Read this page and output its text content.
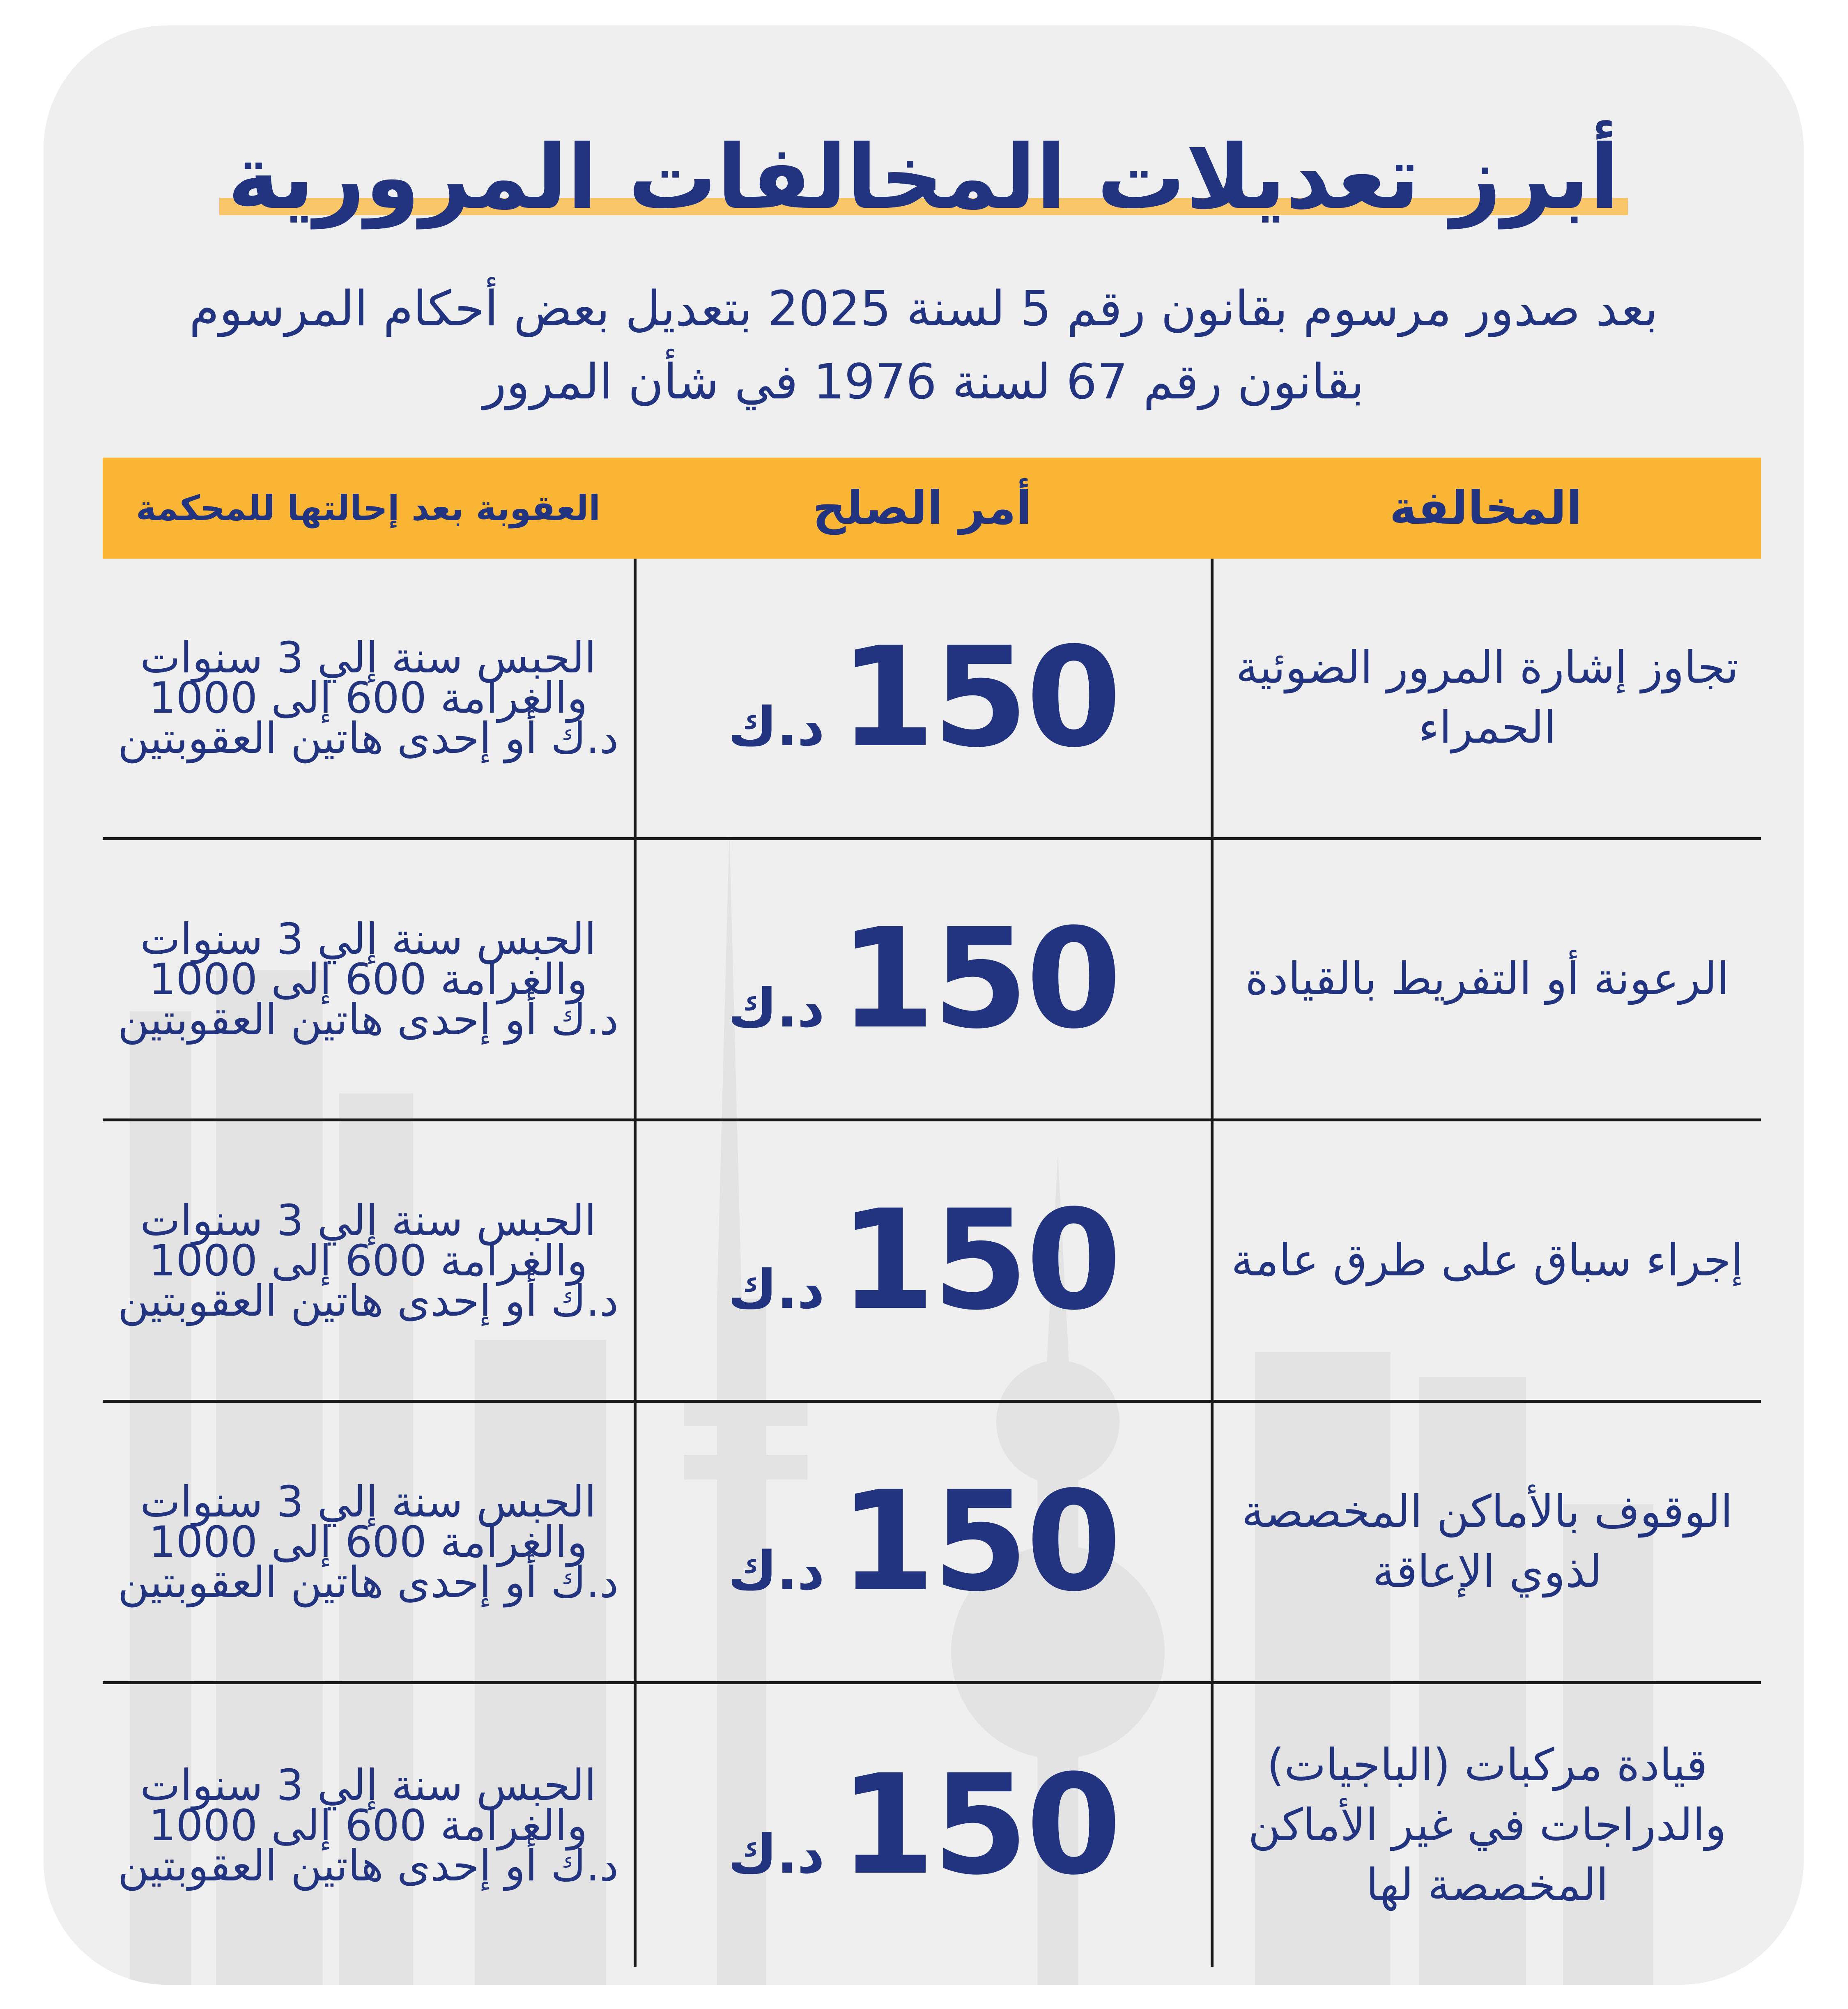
أبرز تعديلات المخالفات المرورية
بعد صدور مرسوم بقانون رقم 5 لسنة 2025 بتعديل بعض أحكام المرسوم بقانون رقم 67 لسنة 1976 في شأن المرور
المخالفة
أمر الصلح
العقوبة بعد إحالتها للمحكمة
تجاوز إشارة المرور الضوئية الحمراء
د.ك 150
الحبس سنة إلي 3 سنوات والغرامة 600 إلى 1000 د.ك أو إحدى هاتين العقوبتين
الرعونة أو التفريط بالقيادة
د.ك 150
الحبس سنة إلي 3 سنوات والغرامة 600 إلى 1000 د.ك أو إحدى هاتين العقوبتين
إجراء سباق على طرق عامة
د.ك 150
الحبس سنة إلي 3 سنوات والغرامة 600 إلى 1000 د.ك أو إحدى هاتين العقوبتين
الوقوف بالأماكن المخصصة لذوي الإعاقة
د.ك 150
الحبس سنة إلي 3 سنوات والغرامة 600 إلى 1000 د.ك أو إحدى هاتين العقوبتين
قيادة مركبات (الباجيات) والدراجات في غير الأماكن المخصصة لها
د.ك 150
الحبس سنة إلي 3 سنوات والغرامة 600 إلى 1000 د.ك أو إحدى هاتين العقوبتين
